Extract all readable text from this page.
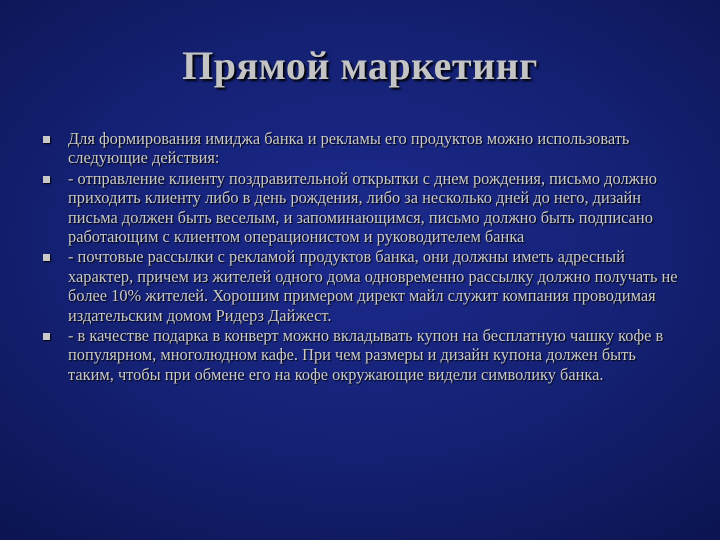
Прямой маркетинг
Для формирования имиджа банка и рекламы его продуктов можно использовать следующие действия:
- отправление клиенту поздравительной открытки с днем рождения, письмо должно приходить клиенту либо в день рождения, либо за несколько дней до него, дизайн письма должен быть веселым, и запоминающимся, письмо должно быть подписано работающим с клиентом операционистом и руководителем банка
- почтовые рассылки с рекламой продуктов банка, они должны иметь адресный характер, причем из жителей одного дома одновременно рассылку должно получать не более 10% жителей. Хорошим примером директ майл служит компания проводимая издательским домом Ридерз Дайжест.
- в качестве подарка в конверт можно вкладывать купон на бесплатную чашку кофе в популярном, многолюдном кафе. При чем размеры и дизайн купона должен быть таким, чтобы при обмене его на кофе окружающие видели символику банка.
